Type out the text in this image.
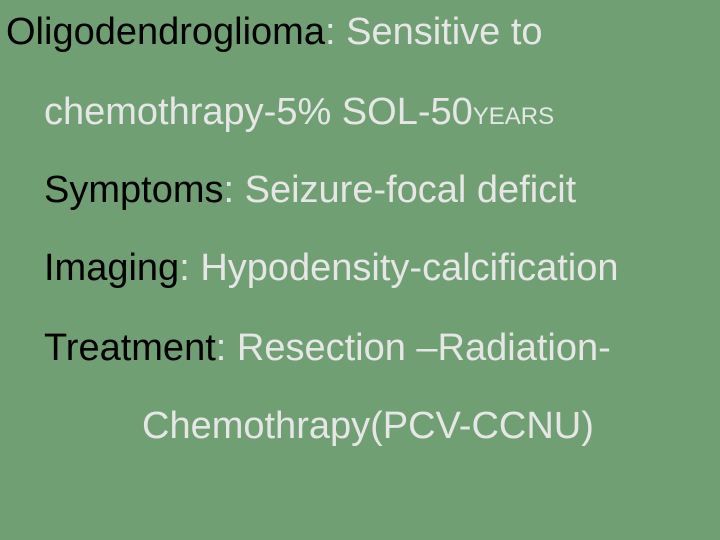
Oligodendroglioma: Sensitive to
chemothrapy-5% SOL-50YEARS
Symptoms: Seizure-focal deficit
Imaging: Hypodensity-calcification
Treatment: Resection –Radiation-
Chemothrapy(PCV-CCNU)
